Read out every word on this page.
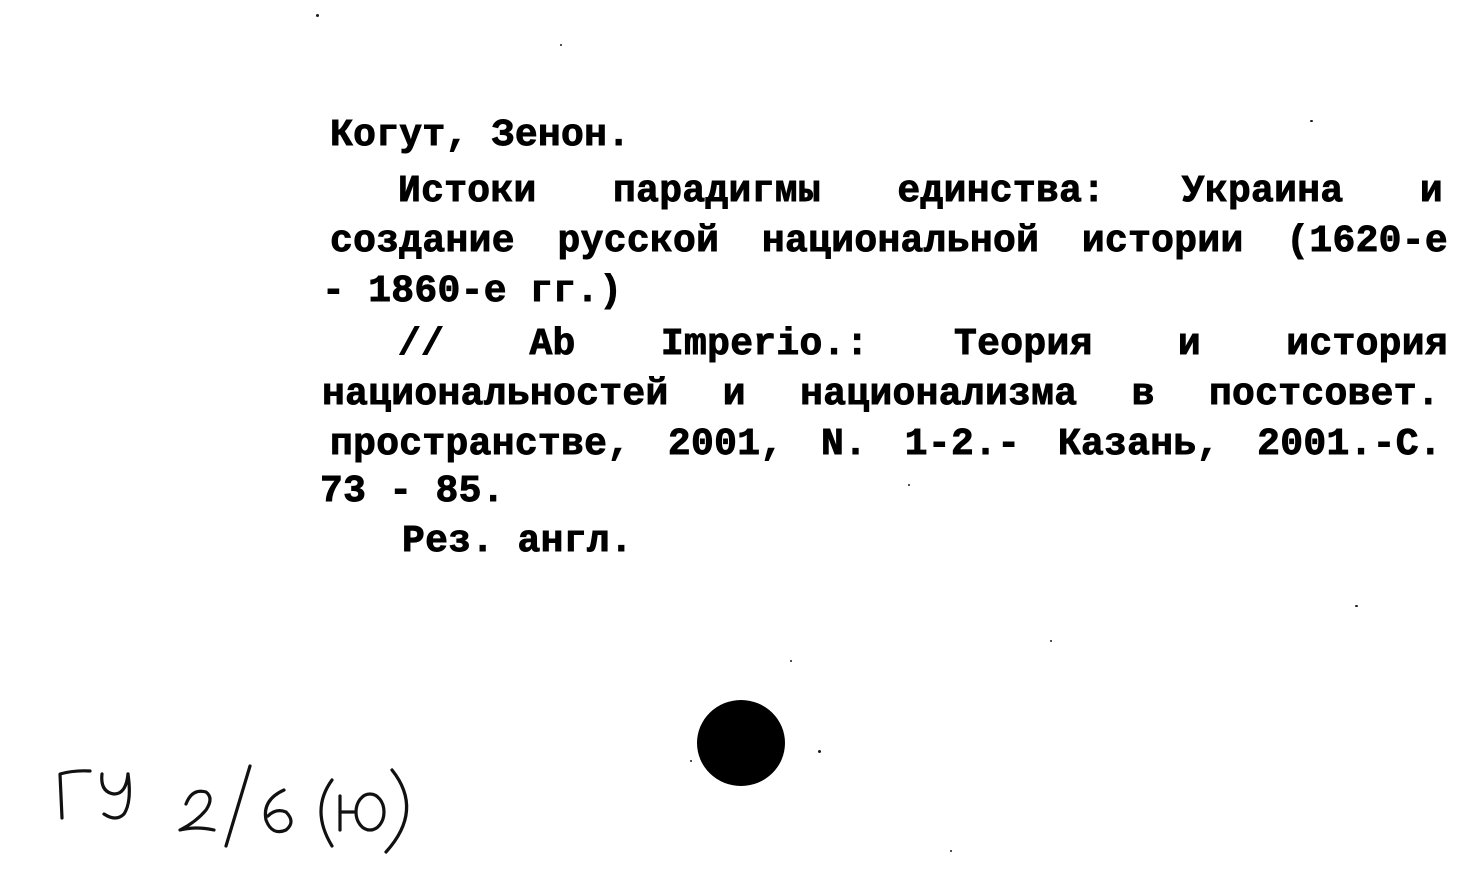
Когут, Зенон.
Истоки парадигмы единства: Украина и
создание русской национальной истории (1620-е
- 1860-е гг.)
// Ab Imperio.: Теория и история
национальностей и национализма в постсовет.
пространстве, 2001, N. 1-2.- Казань, 2001.-С.
73 - 85.
Рез. англ.
